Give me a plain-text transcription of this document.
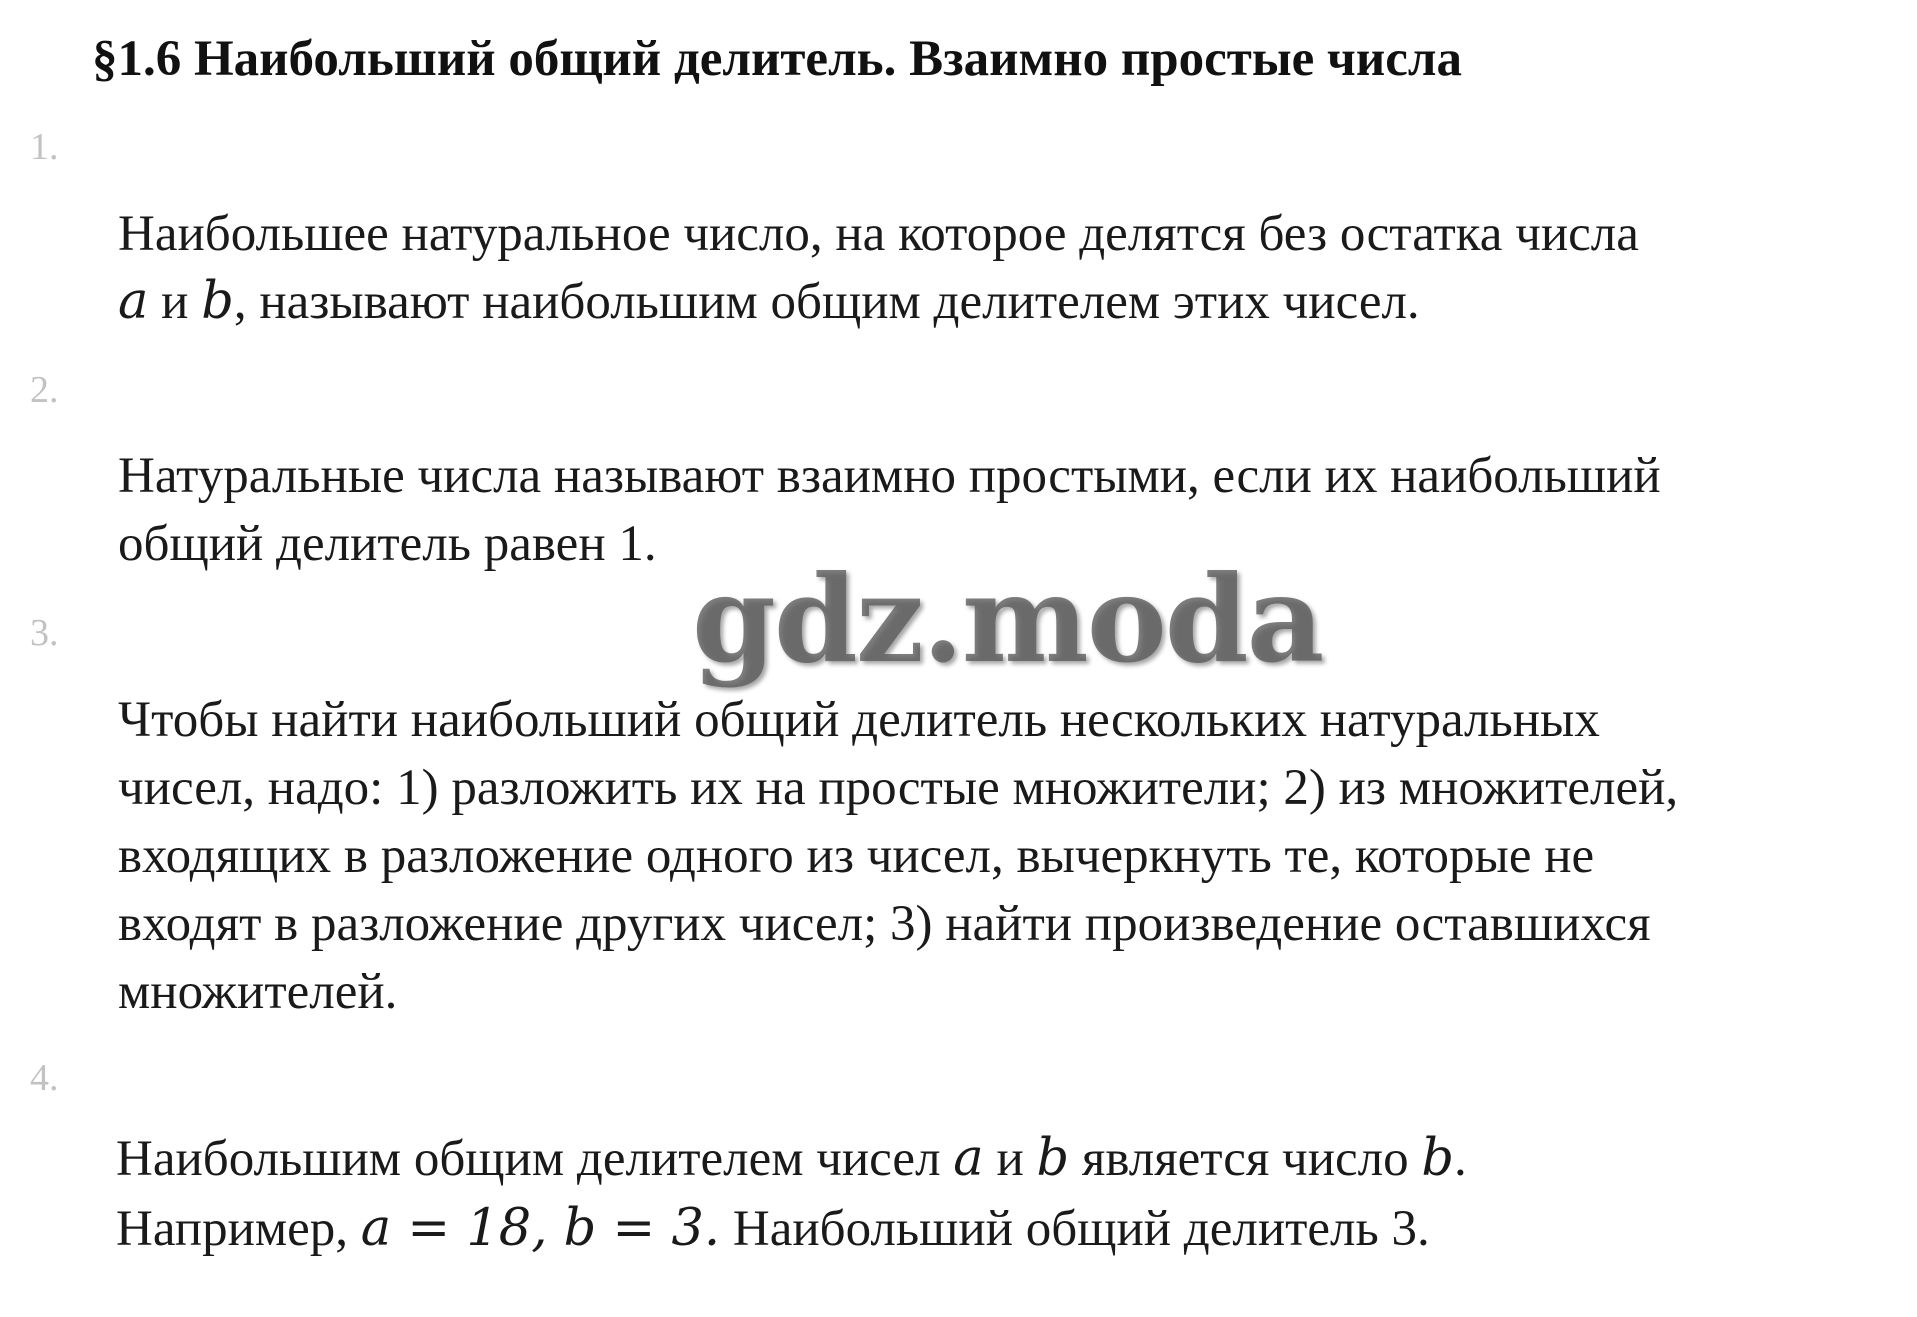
§1.6 Наибольший общий делитель. Взаимно простые числа
1.

Наибольшее натуральное число, на которое делятся без остатка числа
a и b, называют наибольшим общим делителем этих чисел.

2.

Натуральные числа называют взаимно простыми, если их наибольший
общий делитель равен 1.

3.

Чтобы найти наибольший общий делитель нескольких натуральных
чисел, надо: 1) разложить их на простые множители; 2) из множителей,
входящих в разложение одного из чисел, вычеркнуть те, которые не
входят в разложение других чисел; 3) найти произведение оставшихся
множителей.

4.

Наибольшим общим делителем чисел a и b является число b.
Например, a = 18, b = 3. Наибольший общий делитель 3.

gdz.moda
